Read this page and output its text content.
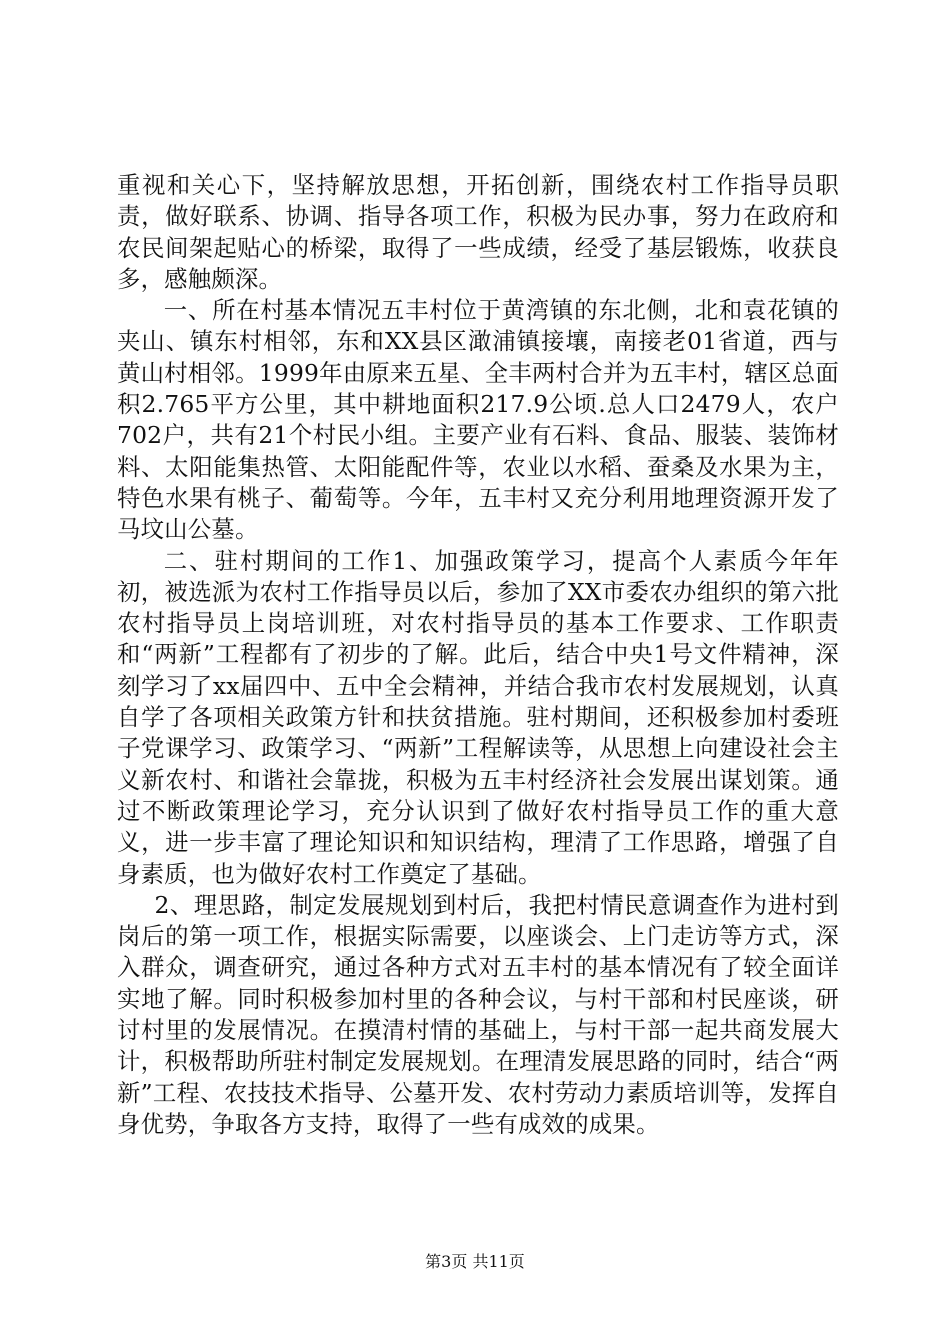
重视和关心下，坚持解放思想，开拓创新，围绕农村工作指导员职责，做好联系、协调、指导各项工作，积极为民办事，努力在政府和农民间架起贴心的桥梁，取得了一些成绩，经受了基层锻炼，收获良多，感触颇深。

一、所在村基本情况五丰村位于黄湾镇的东北侧，北和袁花镇的夹山、镇东村相邻，东和XX县区澉浦镇接壤，南接老01省道，西与黄山村相邻。1999年由原来五星、全丰两村合并为五丰村，辖区总面积2.765平方公里，其中耕地面积217.9公顷.总人口2479人，农户702户，共有21个村民小组。主要产业有石料、食品、服装、装饰材料、太阳能集热管、太阳能配件等，农业以水稻、蚕桑及水果为主，特色水果有桃子、葡萄等。今年，五丰村又充分利用地理资源开发了马坟山公墓。

二、驻村期间的工作1、加强政策学习，提高个人素质今年年初，被选派为农村工作指导员以后，参加了XX市委农办组织的第六批农村指导员上岗培训班，对农村指导员的基本工作要求、工作职责和“两新”工程都有了初步的了解。此后，结合中央1号文件精神，深刻学习了xx届四中、五中全会精神，并结合我市农村发展规划，认真自学了各项相关政策方针和扶贫措施。驻村期间，还积极参加村委班子党课学习、政策学习、“两新”工程解读等，从思想上向建设社会主义新农村、和谐社会靠拢，积极为五丰村经济社会发展出谋划策。通过不断政策理论学习，充分认识到了做好农村指导员工作的重大意义，进一步丰富了理论知识和知识结构，理清了工作思路，增强了自身素质，也为做好农村工作奠定了基础。

2、理思路，制定发展规划到村后，我把村情民意调查作为进村到岗后的第一项工作，根据实际需要，以座谈会、上门走访等方式，深入群众，调查研究，通过各种方式对五丰村的基本情况有了较全面详实地了解。同时积极参加村里的各种会议，与村干部和村民座谈，研讨村里的发展情况。在摸清村情的基础上，与村干部一起共商发展大计，积极帮助所驻村制定发展规划。在理清发展思路的同时，结合“两新”工程、农技技术指导、公墓开发、农村劳动力素质培训等，发挥自身优势，争取各方支持，取得了一些有成效的成果。

第3页 共11页
